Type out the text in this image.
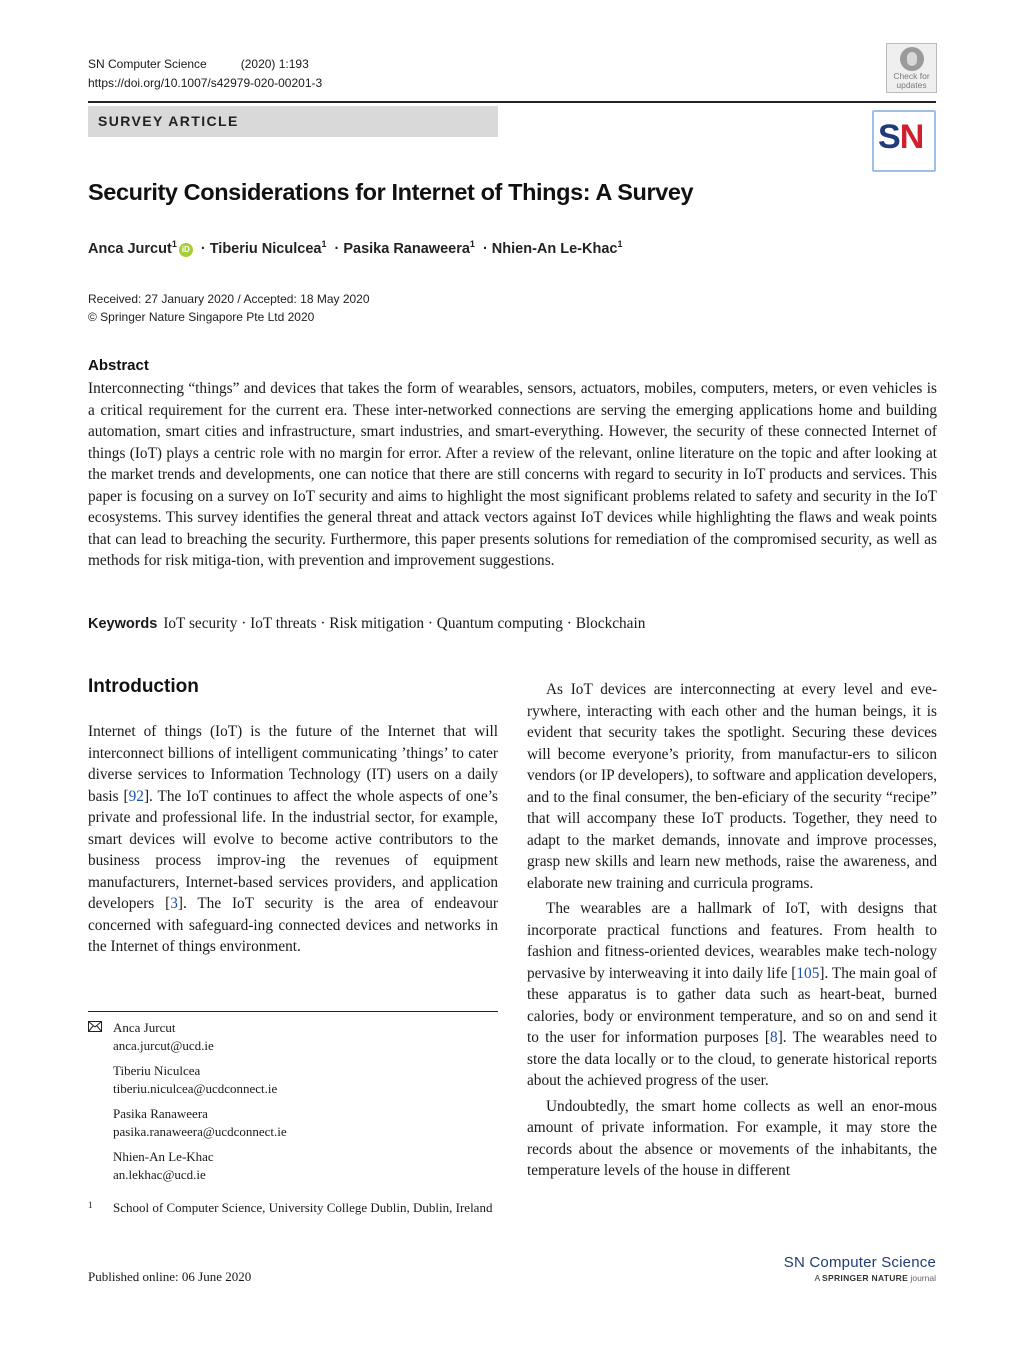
SN Computer Science	(2020) 1:193
https://doi.org/10.1007/s42979-020-00201-3
SURVEY ARTICLE
Check for updates
SN
Security Considerations for Internet of Things: A Survey
Anca Jurcut$^1$iD · Tiberiu Niculcea$^1$ · Pasika Ranaweera$^1$ · Nhien-An Le-Khac$^1$
Received: 27 January 2020 / Accepted: 18 May 2020
© Springer Nature Singapore Pte Ltd 2020
Abstract
Interconnecting “things” and devices that takes the form of wearables, sensors, actuators, mobiles, computers, meters, or even vehicles is a critical requirement for the current era. These inter-networked connections are serving the emerging applications home and building automation, smart cities and infrastructure, smart industries, and smart-everything. However, the security of these connected Internet of things (IoT) plays a centric role with no margin for error. After a review of the relevant, online literature on the topic and after looking at the market trends and developments, one can notice that there are still concerns with regard to security in IoT products and services. This paper is focusing on a survey on IoT security and aims to highlight the most significant problems related to safety and security in the IoT ecosystems. This survey identifies the general threat and attack vectors against IoT devices while highlighting the flaws and weak points that can lead to breaching the security. Furthermore, this paper presents solutions for remediation of the compromised security, as well as methods for risk mitiga-tion, with prevention and improvement suggestions.
Keywords IoT security · IoT threats · Risk mitigation · Quantum computing · Blockchain
Introduction
Internet of things (IoT) is the future of the Internet that will interconnect billions of intelligent communicating ’things’ to cater diverse services to Information Technology (IT) users on a daily basis [92]. The IoT continues to affect the whole aspects of one’s private and professional life. In the industrial sector, for example, smart devices will evolve to become active contributors to the business process improv-ing the revenues of equipment manufacturers, Internet-based services providers, and application developers [3]. The IoT security is the area of endeavour concerned with safeguard-ing connected devices and networks in the Internet of things environment.
Anca Jurcut
anca.jurcut@ucd.ie
Tiberiu Niculcea
tiberiu.niculcea@ucdconnect.ie
Pasika Ranaweera
pasika.ranaweera@ucdconnect.ie
Nhien-An Le-Khac
an.lekhac@ucd.ie
1 School of Computer Science, University College Dublin, Dublin, Ireland
Published online: 06 June 2020

As IoT devices are interconnecting at every level and eve-rywhere, interacting with each other and the human beings, it is evident that security takes the spotlight. Securing these devices will become everyone’s priority, from manufactur-ers to silicon vendors (or IP developers), to software and application developers, and to the final consumer, the ben-eficiary of the security “recipe” that will accompany these IoT products. Together, they need to adapt to the market demands, innovate and improve processes, grasp new skills and learn new methods, raise the awareness, and elaborate new training and curricula programs.

The wearables are a hallmark of IoT, with designs that incorporate practical functions and features. From health to fashion and fitness-oriented devices, wearables make tech-nology pervasive by interweaving it into daily life [105]. The main goal of these apparatus is to gather data such as heart-beat, burned calories, body or environment temperature, and so on and send it to the user for information purposes [8]. The wearables need to store the data locally or to the cloud, to generate historical reports about the achieved progress of the user.

Undoubtedly, the smart home collects as well an enor-mous amount of private information. For example, it may store the records about the absence or movements of the inhabitants, the temperature levels of the house in different

SN Computer Science
A SPRINGER NATURE journal
